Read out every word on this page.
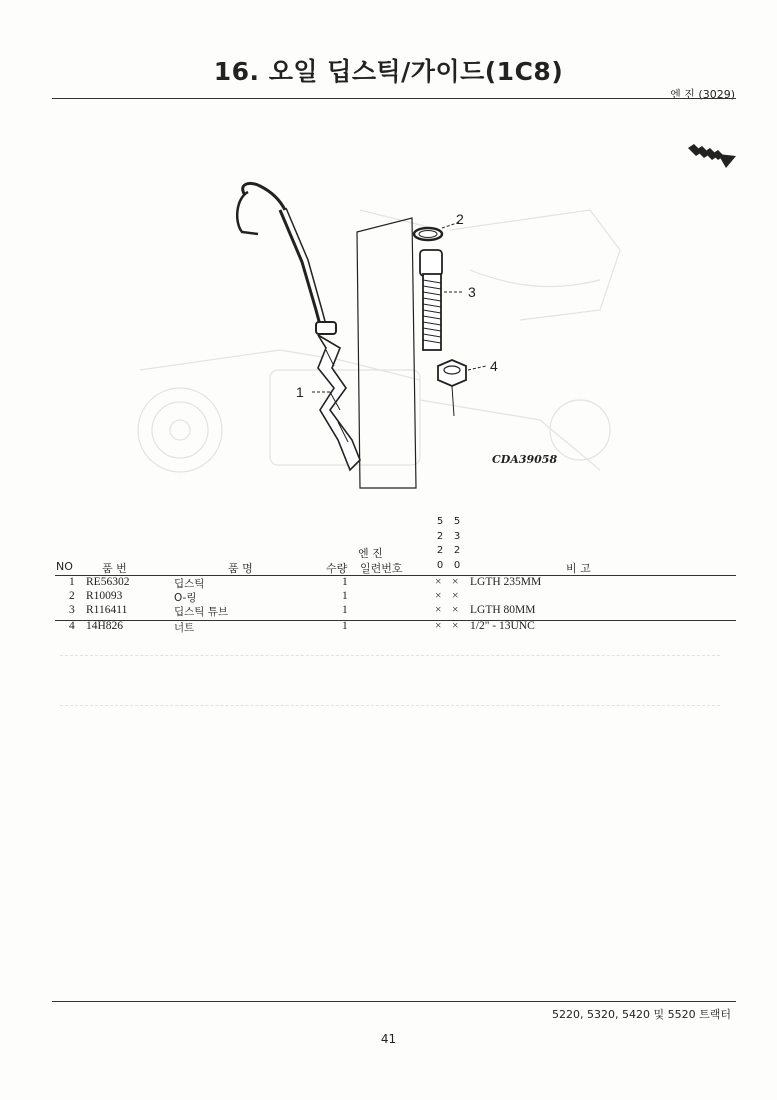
16. 오일 딥스틱/가이드(1C8)
엔 진 (3029)
2
3
4
1
CDA39058
5
2
2
0
5
3
2
0
엔 진
NO	품 번	품 명	수량 일련번호	비 고
1 RE56302	딥스틱	1	× × LGTH 235MM
2 R10093	O-링	1	× ×
3 R116411	딥스틱 튜브	1	× × LGTH 80MM
4 14H826	너트	1	× × 1/2" - 13UNC
5220, 5320, 5420 및 5520 트랙터
41
